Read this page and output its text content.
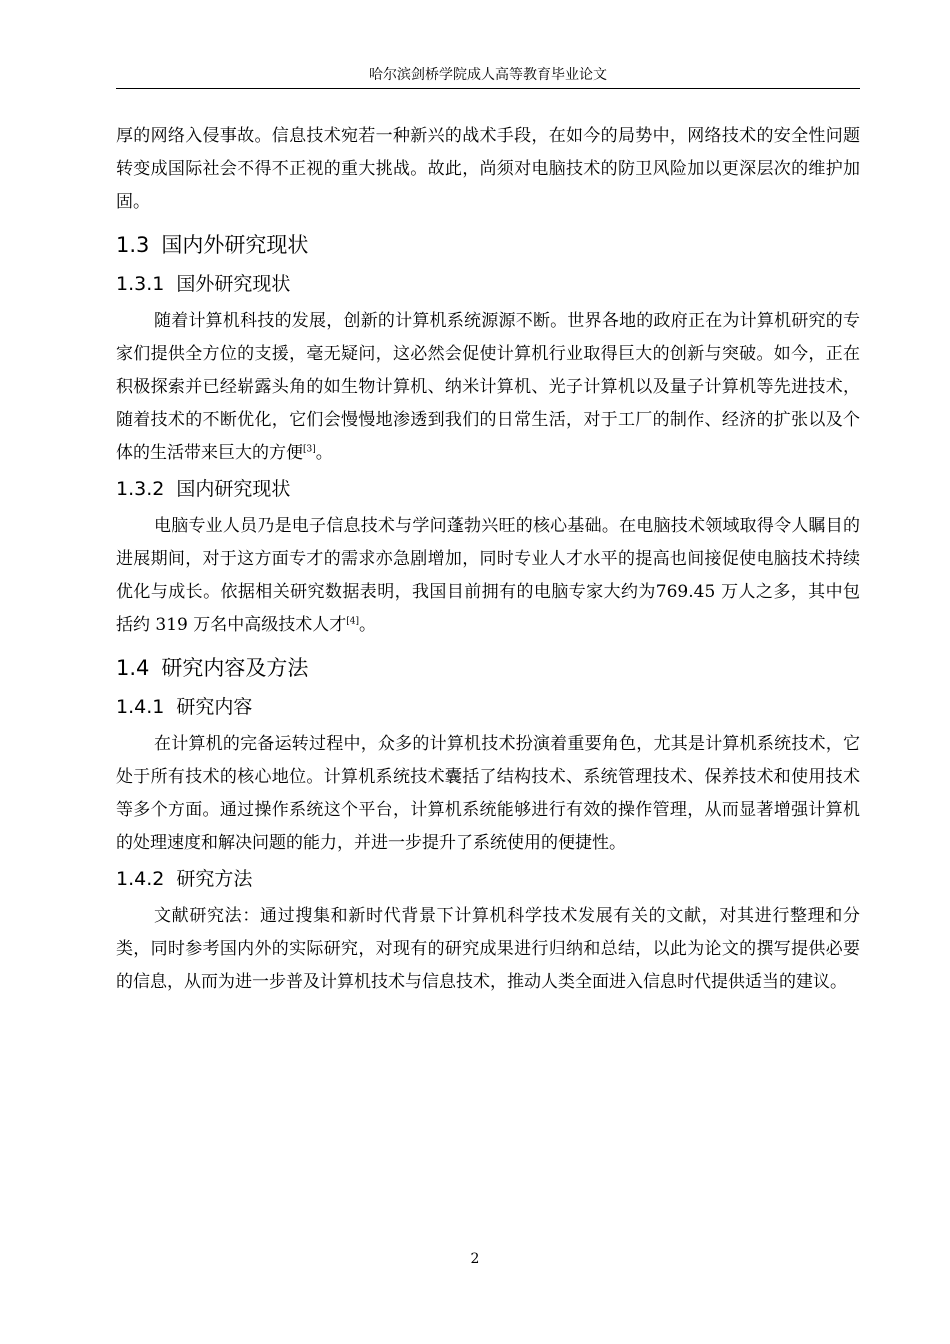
哈尔滨剑桥学院成人高等教育毕业论文

厚的网络入侵事故。信息技术宛若一种新兴的战术手段，在如今的局势中，网络技术的安全性问题转变成国际社会不得不正视的重大挑战。故此，尚须对电脑技术的防卫风险加以更深层次的维护加固。

1.3 国内外研究现状
1.3.1 国外研究现状

随着计算机科技的发展，创新的计算机系统源源不断。世界各地的政府正在为计算机研究的专家们提供全方位的支援，毫无疑问，这必然会促使计算机行业取得巨大的创新与突破。如今，正在积极探索并已经崭露头角的如生物计算机、纳米计算机、光子计算机以及量子计算机等先进技术，随着技术的不断优化，它们会慢慢地渗透到我们的日常生活，对于工厂的制作、经济的扩张以及个体的生活带来巨大的方便[3]。

1.3.2 国内研究现状

电脑专业人员乃是电子信息技术与学问蓬勃兴旺的核心基础。在电脑技术领域取得令人瞩目的进展期间，对于这方面专才的需求亦急剧增加，同时专业人才水平的提高也间接促使电脑技术持续优化与成长。依据相关研究数据表明，我国目前拥有的电脑专家大约为769.45 万人之多，其中包括约 319 万名中高级技术人才[4]。

1.4 研究内容及方法
1.4.1 研究内容

在计算机的完备运转过程中，众多的计算机技术扮演着重要角色，尤其是计算机系统技术，它处于所有技术的核心地位。计算机系统技术囊括了结构技术、系统管理技术、保养技术和使用技术等多个方面。通过操作系统这个平台，计算机系统能够进行有效的操作管理，从而显著增强计算机的处理速度和解决问题的能力，并进一步提升了系统使用的便捷性。

1.4.2 研究方法

文献研究法：通过搜集和新时代背景下计算机科学技术发展有关的文献，对其进行整理和分类，同时参考国内外的实际研究，对现有的研究成果进行归纳和总结，以此为论文的撰写提供必要的信息，从而为进一步普及计算机技术与信息技术，推动人类全面进入信息时代提供适当的建议。

2
